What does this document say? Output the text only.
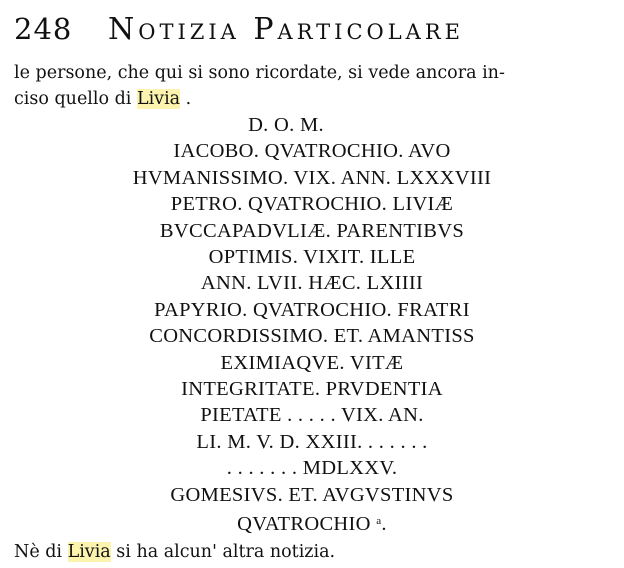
248 Notizia Particolare
le persone, che qui si sono ricordate, si vede ancora in-
ciso quello di Livia .
D. O. M.
IACOBO. QVATROCHIO. AVO
HVMANISSIMO. VIX. ANN. LXXXVIII
PETRO. QVATROCHIO. LIVIÆ
BVCCAPADVLIÆ. PARENTIBVS
OPTIMIS. VIXIT. ILLE
ANN. LVII. HÆC. LXIIII
PAPYRIO. QVATROCHIO. FRATRI
CONCORDISSIMO. ET. AMANTISS
EXIMIAQVE. VITÆ
INTEGRITATE. PRVDENTIA
PIETATE . . . . . VIX. AN.
LI. M. V. D. XXIII. . . . . . .
. . . . . . . MDLXXV.
GOMESIVS. ET. AVGVSTINVS
QVATROCHIO $^a$.
Nè di Livia si ha alcun' altra notizia.
